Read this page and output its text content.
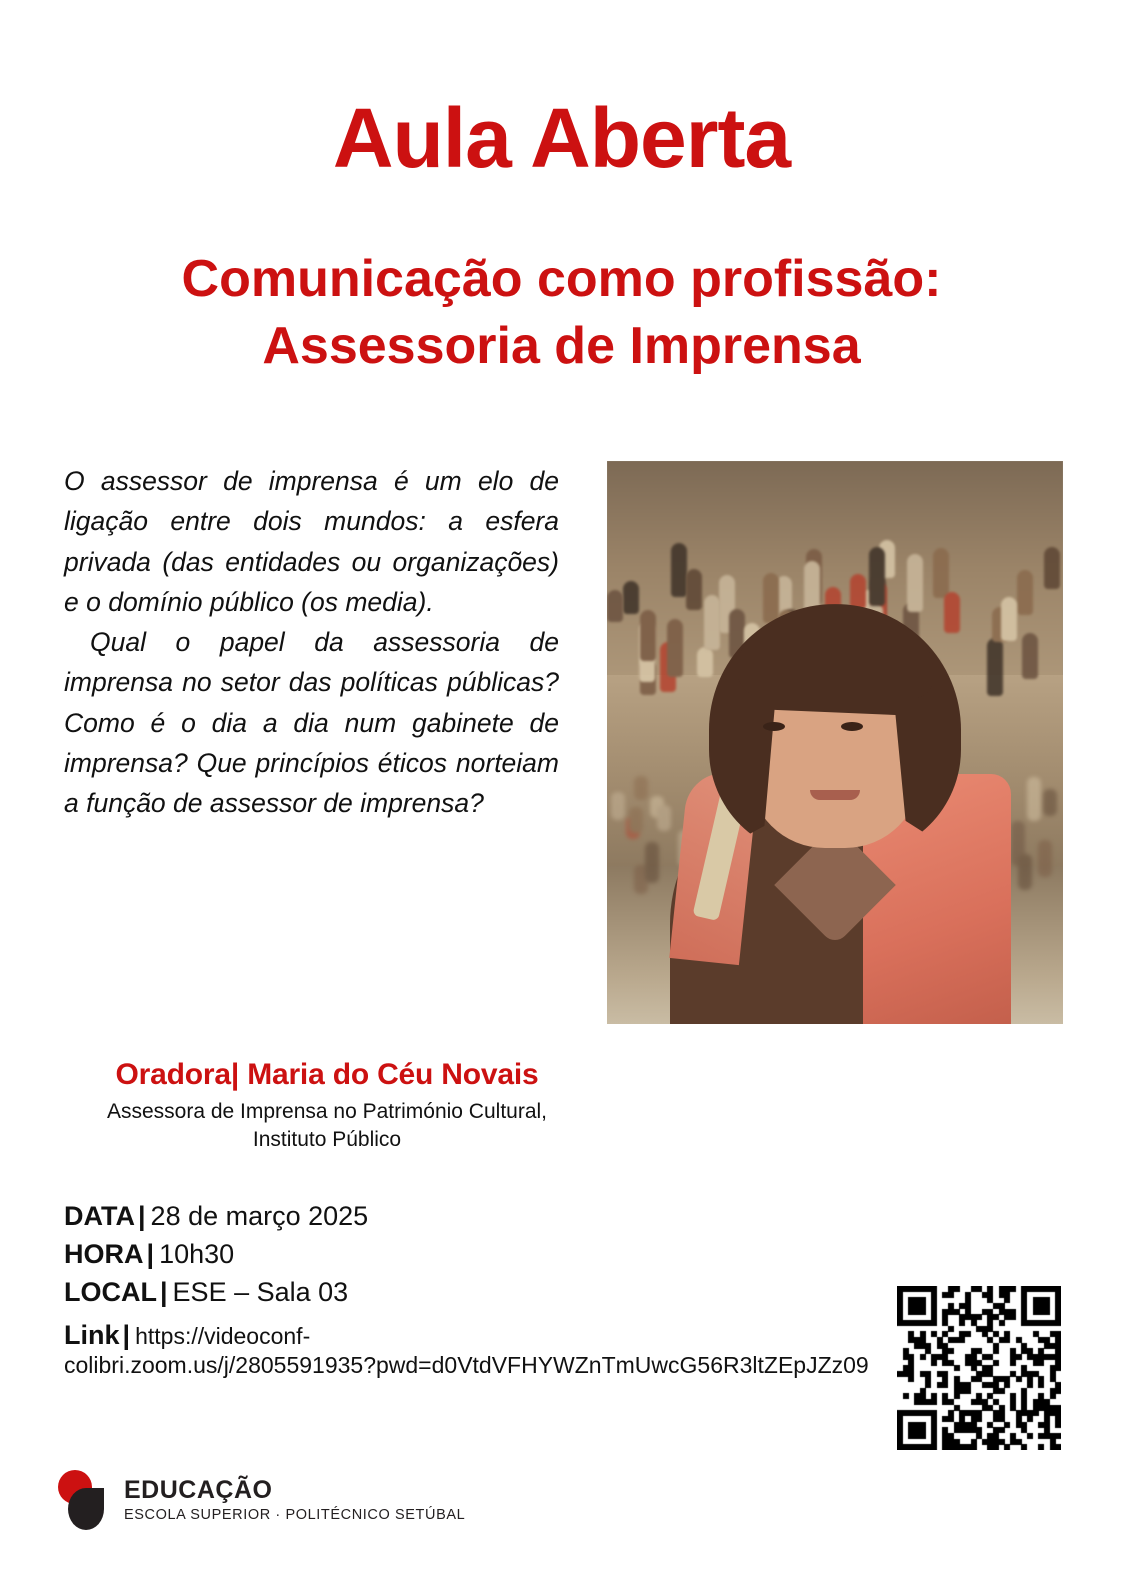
Aula Aberta
Comunicação como profissão:
Assessoria de Imprensa

O assessor de imprensa é um elo de ligação entre dois mundos: a esfera privada (das entidades ou organizações) e o domínio público (os media).

Qual o papel da assessoria de imprensa no setor das políticas públicas? Como é o dia a dia num gabinete de imprensa? Que princípios éticos norteiam a função de assessor de imprensa?

Oradora| Maria do Céu Novais

Assessora de Imprensa no Património Cultural,
Instituto Público

DATA | 28 de março 2025
HORA | 10h30
LOCAL | ESE – Sala 03
Link | https://videoconf-
colibri.zoom.us/j/2805591935?pwd=d0VtdVFHYWZnTmUwcG56R3ltZEpJZz09
EDUCAÇÃO
ESCOLA SUPERIOR · POLITÉCNICO SETÚBAL
